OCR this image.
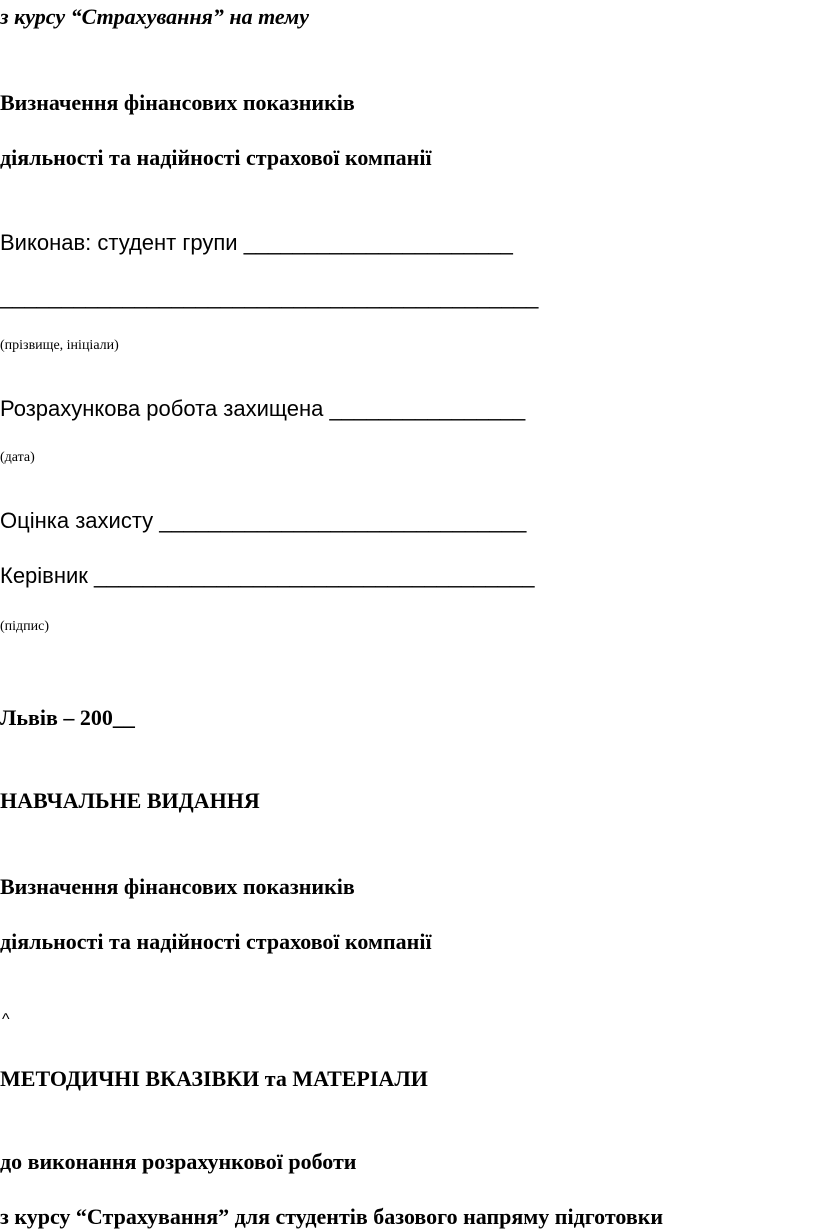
з курсу “Страхування” на тему
Визначення фінансових показників
діяльності та надійності страхової компанії
Виконав: студент групи ______________________
____________________________________________
(прізвище, ініціали)
Розрахункова робота захищена ________________
(дата)
Оцінка захисту ______________________________
Керівник ____________________________________
(підпис)
Львів – 200__
НАВЧАЛЬНЕ ВИДАННЯ
Визначення фінансових показників
діяльності та надійності страхової компанії
^
МЕТОДИЧНІ ВКАЗІВКИ та МАТЕРІАЛИ
до виконання розрахункової роботи
з курсу “Страхування” для студентів базового напряму підготовки
